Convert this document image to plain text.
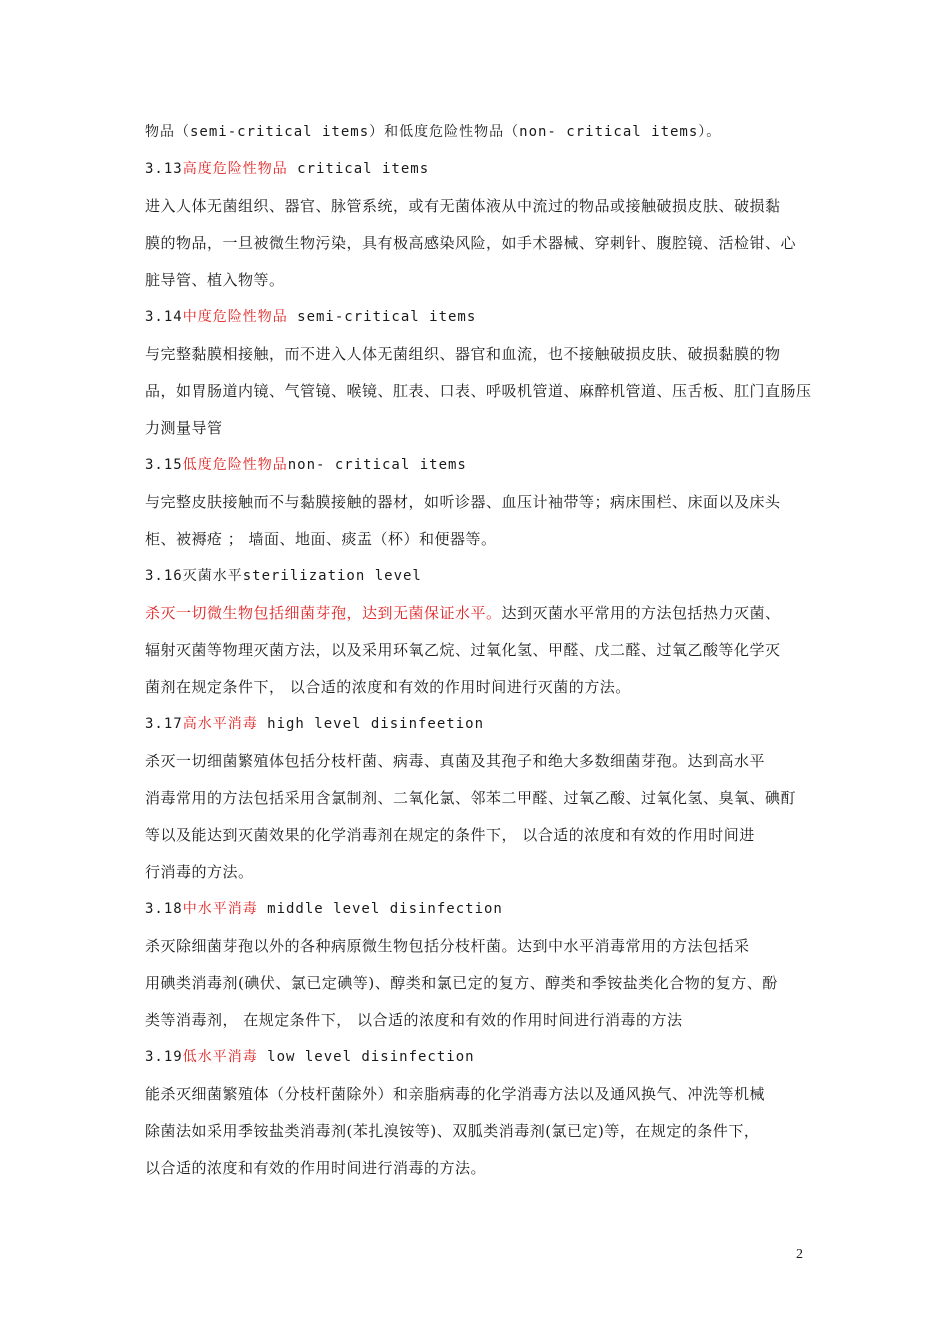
物品（semi-critical items）和低度危险性物品（non- critical items）。
3.13高度危险性物品 critical items
进入人体无菌组织、器官、脉管系统，或有无菌体液从中流过的物品或接触破损皮肤、破损黏
膜的物品，一旦被微生物污染，具有极高感染风险，如手术器械、穿刺针、腹腔镜、活检钳、心
脏导管、植入物等。
3.14中度危险性物品 semi-critical items
与完整黏膜相接触，而不进入人体无菌组织、器官和血流，也不接触破损皮肤、破损黏膜的物
品，如胃肠道内镜、气管镜、喉镜、肛表、口表、呼吸机管道、麻醉机管道、压舌板、肛门直肠压
力测量导管
3.15低度危险性物品non- critical items
与完整皮肤接触而不与黏膜接触的器材，如听诊器、血压计袖带等；病床围栏、床面以及床头
柜、被褥疮 ； 墙面、地面、痰盂（杯）和便器等。
3.16灭菌水平sterilization level
杀灭一切微生物包括细菌芽孢，达到无菌保证水平。达到灭菌水平常用的方法包括热力灭菌、
辐射灭菌等物理灭菌方法，以及采用环氧乙烷、过氧化氢、甲醛、戊二醛、过氧乙酸等化学灭
菌剂在规定条件下， 以合适的浓度和有效的作用时间进行灭菌的方法。
3.17高水平消毒 high level disinfeetion
杀灭一切细菌繁殖体包括分枝杆菌、病毒、真菌及其孢子和绝大多数细菌芽孢。达到高水平
消毒常用的方法包括采用含氯制剂、二氧化氯、邻苯二甲醛、过氧乙酸、过氧化氢、臭氧、碘酊
等以及能达到灭菌效果的化学消毒剂在规定的条件下， 以合适的浓度和有效的作用时间进
行消毒的方法。
3.18中水平消毒 middle level disinfection
杀灭除细菌芽孢以外的各种病原微生物包括分枝杆菌。达到中水平消毒常用的方法包括采
用碘类消毒剂(碘伏、氯已定碘等)、醇类和氯已定的复方、醇类和季铵盐类化合物的复方、酚
类等消毒剂， 在规定条件下， 以合适的浓度和有效的作用时间进行消毒的方法
3.19低水平消毒 low level disinfection
能杀灭细菌繁殖体（分枝杆菌除外）和亲脂病毒的化学消毒方法以及通风换气、冲洗等机械
除菌法如采用季铵盐类消毒剂(苯扎溴铵等)、双胍类消毒剂(氯已定)等，在规定的条件下，
以合适的浓度和有效的作用时间进行消毒的方法。
2
